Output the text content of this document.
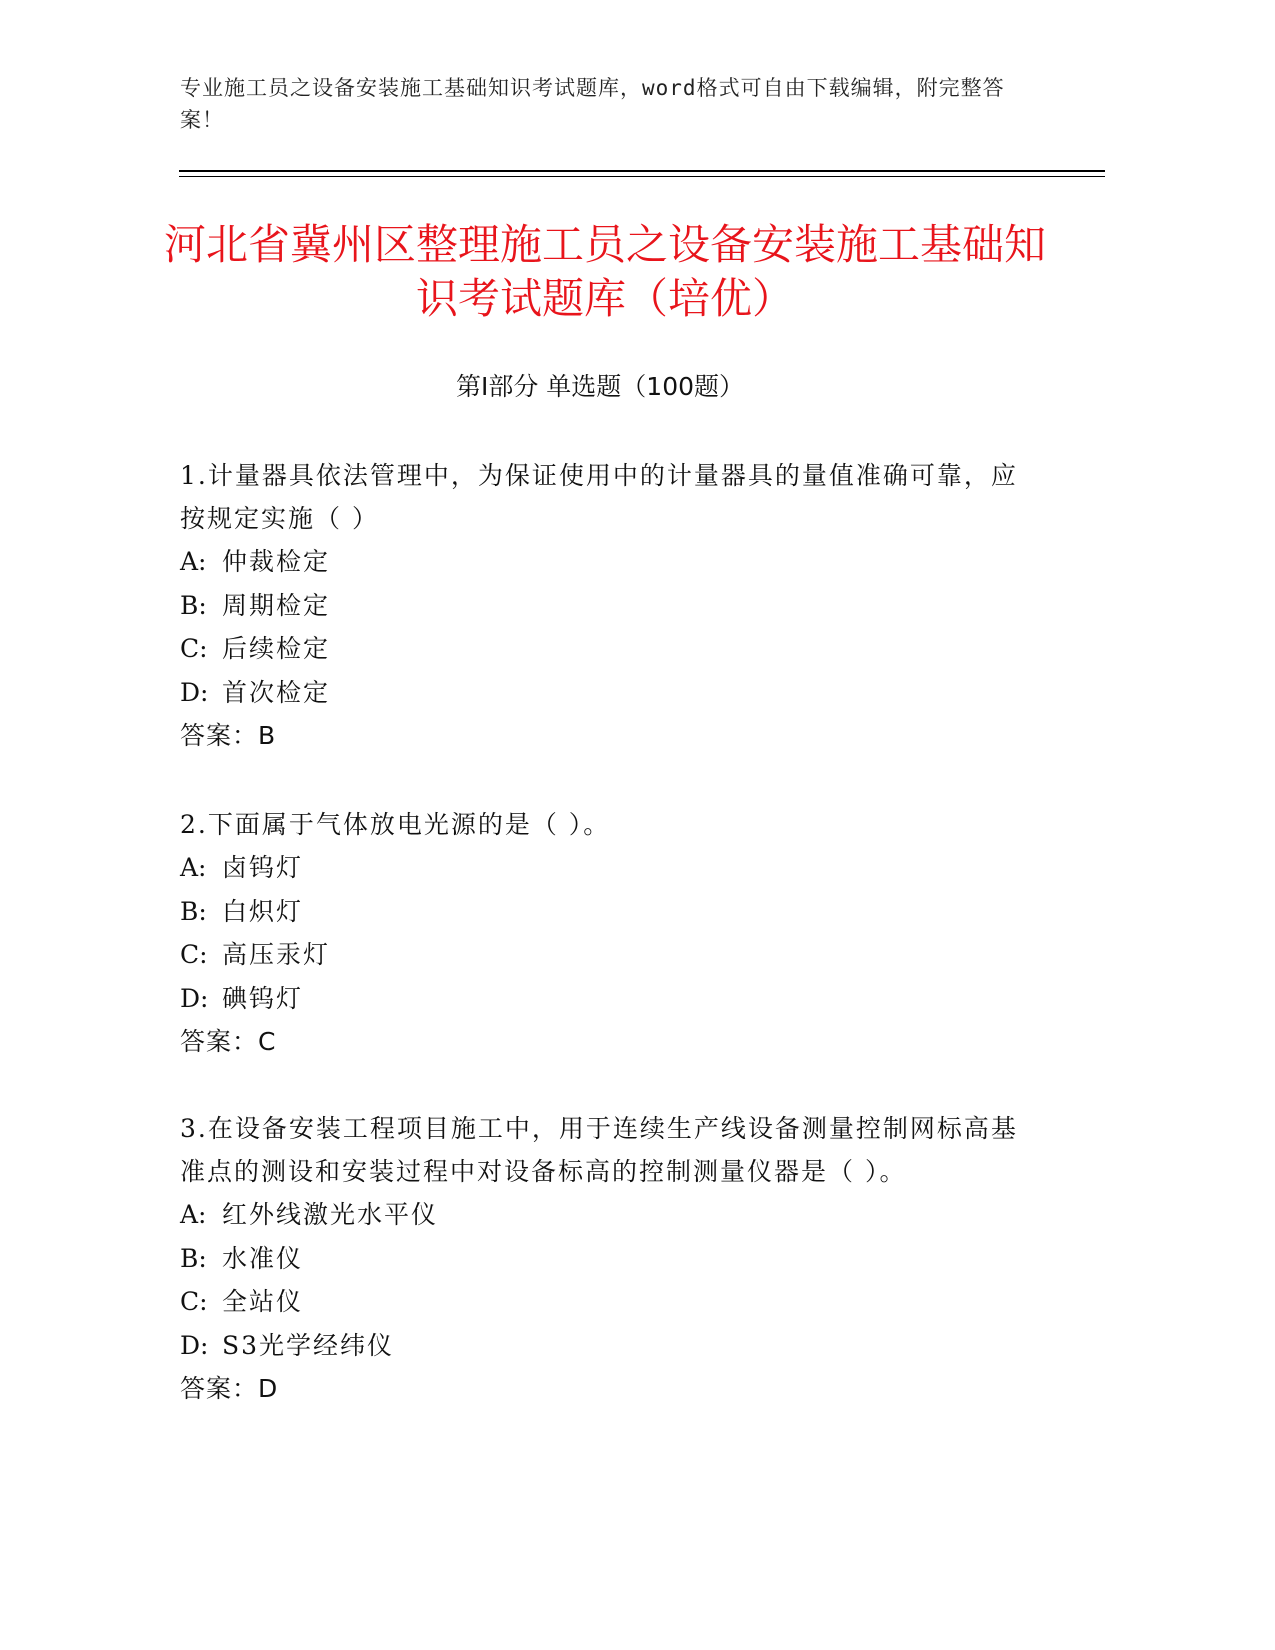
专业施工员之设备安装施工基础知识考试题库，word格式可自由下载编辑，附完整答案！
河北省冀州区整理施工员之设备安装施工基础知识考试题库（培优）
第Ⅰ部分 单选题（100题）

1.计量器具依法管理中，为保证使用中的计量器具的量值准确可靠，应按规定实施（ ）

A: 仲裁检定

B: 周期检定

C: 后续检定

D: 首次检定

答案：B

2.下面属于气体放电光源的是（ ）。

A: 卤钨灯

B: 白炽灯

C: 高压汞灯

D: 碘钨灯

答案：C

3.在设备安装工程项目施工中，用于连续生产线设备测量控制网标高基准点的测设和安装过程中对设备标高的控制测量仪器是（ ）。

A: 红外线激光水平仪

B: 水准仪

C: 全站仪

D: S3光学经纬仪

答案：D
